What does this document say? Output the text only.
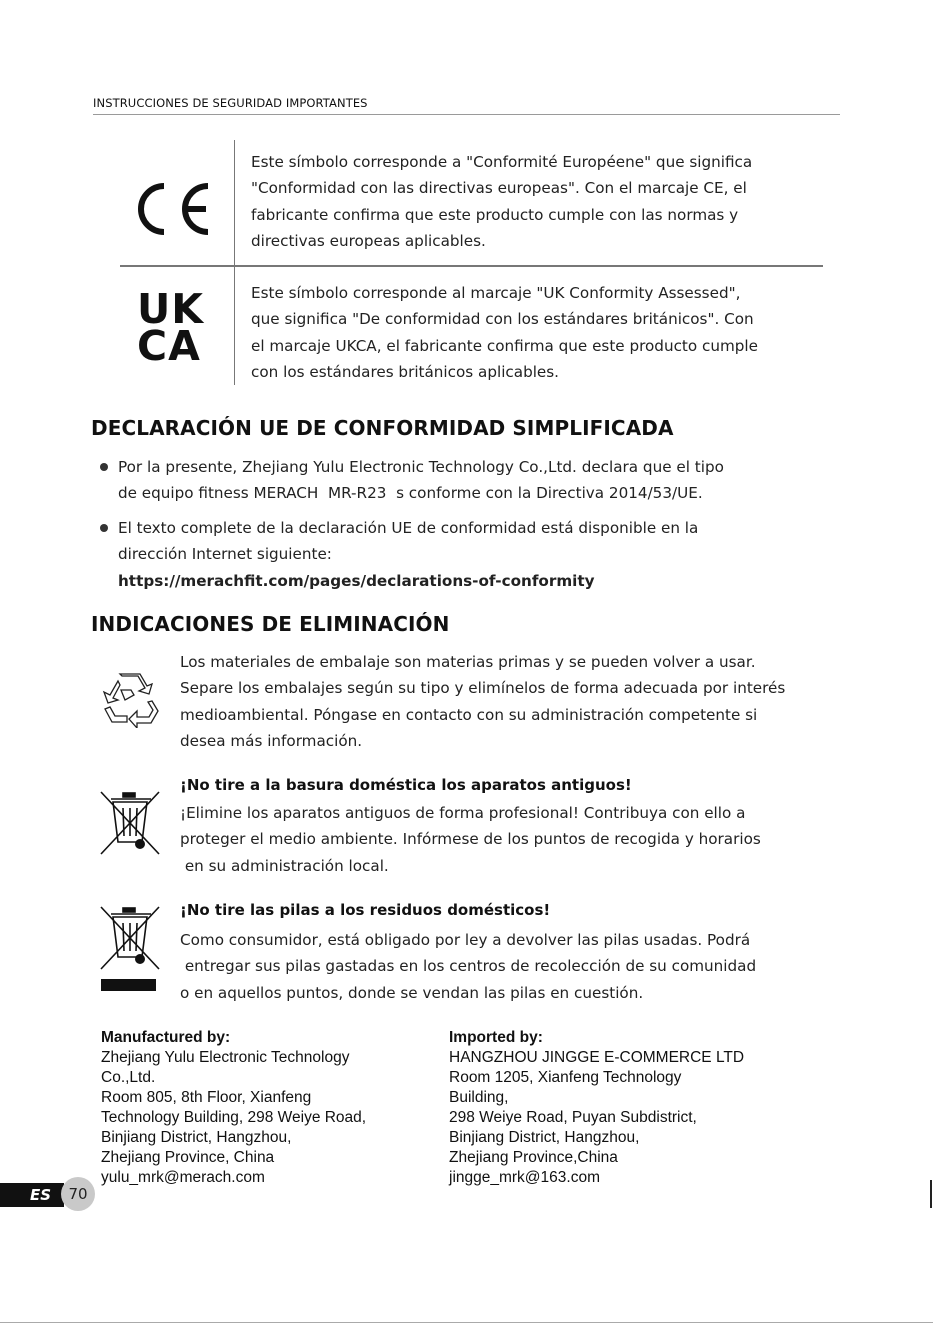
INSTRUCCIONES DE SEGURIDAD IMPORTANTES
Este símbolo corresponde a "Conformité Européene" que significa
"Conformidad con las directivas europeas". Con el marcaje CE, el
fabricante confirma que este producto cumple con las normas y
directivas europeas aplicables.
UK
CA
Este símbolo corresponde al marcaje "UK Conformity Assessed",
que significa "De conformidad con los estándares británicos". Con
el marcaje UKCA, el fabricante confirma que este producto cumple
con los estándares británicos aplicables.
DECLARACIÓN UE DE CONFORMIDAD SIMPLIFICADA
Por la presente, Zhejiang Yulu Electronic Technology Co.,Ltd. declara que el tipo
de equipo fitness MERACH MR-R23 s conforme con la Directiva 2014/53/UE.
El texto complete de la declaración UE de conformidad está disponible en la
dirección Internet siguiente:
https://merachfit.com/pages/declarations-of-conformity
INDICACIONES DE ELIMINACIÓN
Los materiales de embalaje son materias primas y se pueden volver a usar.
Separe los embalajes según su tipo y elimínelos de forma adecuada por interés
medioambiental. Póngase en contacto con su administración competente si
desea más información.
¡No tire a la basura doméstica los aparatos antiguos!
¡Elimine los aparatos antiguos de forma profesional! Contribuya con ello a
proteger el medio ambiente. Infórmese de los puntos de recogida y horarios
en su administración local.
¡No tire las pilas a los residuos domésticos!
Como consumidor, está obligado por ley a devolver las pilas usadas. Podrá
entregar sus pilas gastadas en los centros de recolección de su comunidad
o en aquellos puntos, donde se vendan las pilas en cuestión.
Manufactured by:
Zhejiang Yulu Electronic Technology
Co.,Ltd.
Room 805, 8th Floor, Xianfeng
Technology Building, 298 Weiye Road,
Binjiang District, Hangzhou,
Zhejiang Province, China
yulu_mrk@merach.com
Imported by:
HANGZHOU JINGGE E-COMMERCE LTD
Room 1205, Xianfeng Technology
Building,
298 Weiye Road, Puyan Subdistrict,
Binjiang District, Hangzhou,
Zhejiang Province,China
jingge_mrk@163.com
ES	70
